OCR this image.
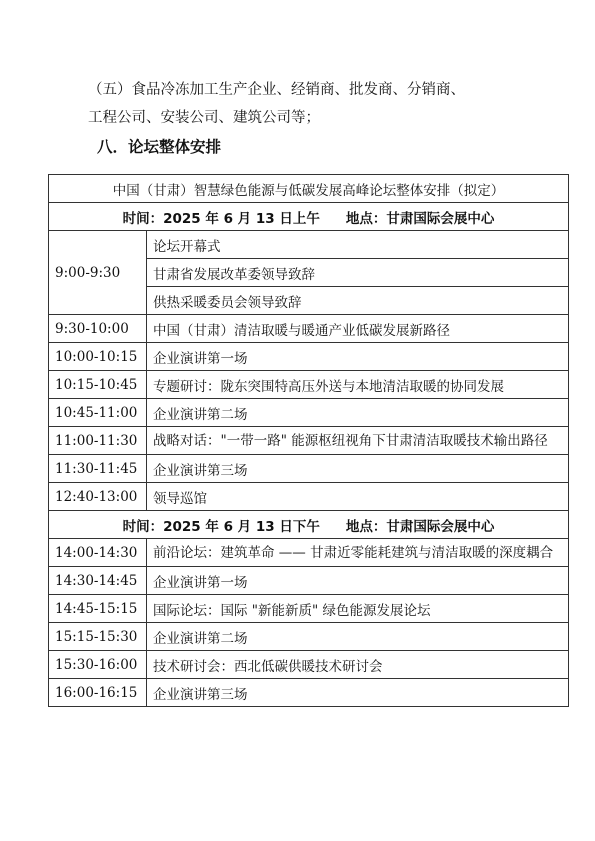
（五）食品冷冻加工生产企业、经销商、批发商、分销商、
工程公司、安装公司、建筑公司等；
八．论坛整体安排
中国（甘肃）智慧绿色能源与低碳发展高峰论坛整体安排（拟定）	
时间：2025 年 6 月 13 日上午 地点：甘肃国际会展中心	
9:00-9:30	论坛开幕式
	甘肃省发展改革委领导致辞
	供热采暖委员会领导致辞
9:30-10:00	中国（甘肃）清洁取暖与暖通产业低碳发展新路径
10:00-10:15	企业演讲第一场
10:15-10:45	专题研讨：陇东突围特高压外送与本地清洁取暖的协同发展
10:45-11:00	企业演讲第二场
11:00-11:30	战略对话："一带一路" 能源枢纽视角下甘肃清洁取暖技术输出路径
11:30-11:45	企业演讲第三场
12:40-13:00	领导巡馆
时间：2025 年 6 月 13 日下午 地点：甘肃国际会展中心	
14:00-14:30	前沿论坛：建筑革命 —— 甘肃近零能耗建筑与清洁取暖的深度耦合
14:30-14:45	企业演讲第一场
14:45-15:15	国际论坛：国际 "新能新质" 绿色能源发展论坛
15:15-15:30	企业演讲第二场
15:30-16:00	技术研讨会：西北低碳供暖技术研讨会
16:00-16:15	企业演讲第三场
